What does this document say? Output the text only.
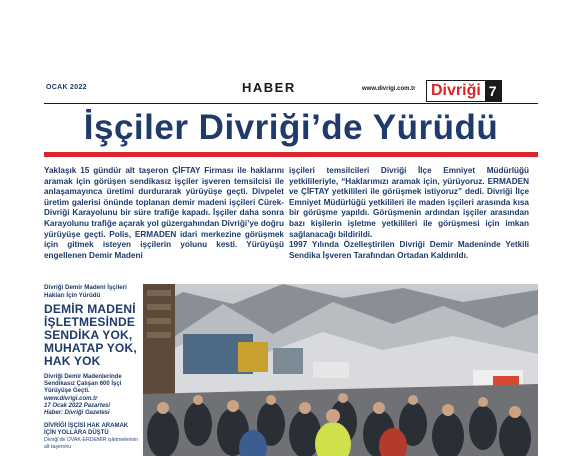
OCAK 2022	HABER	www.divrigi.com.tr Divriği 7
İşçiler Divriği’de Yürüdü

Yaklaşık 15 gündür alt taşeron ÇİFTAY Firması ile haklarını aramak için görüşen sendikasız işçiler işveren temsilcisi ile anlaşamayınca üretimi durdurarak yürüyüşe geçti. Divpelet üretim galerisi önünde toplanan demir madeni işçileri Cürek-Divriği Karayolunu bir süre trafiğe kapadı. İşçiler daha sonra Karayolunu trafiğe açarak yol güzergahından Divriği’ye doğru yürüyüşe geçti. Polis, ERMADEN idari merkezine görüşmek için gitmek isteyen işçilerin yolunu kesti. Yürüyüşü engellenen Demir Madeni

işçileri temsilcileri Divriği İlçe Emniyet Müdürlüğü yetkilileriyle, “Haklarımızı aramak için, yürüyoruz. ERMADEN ve ÇİFTAY yetkilileri ile görüşmek istiyoruz” dedi. Divriği İlçe Emniyet Müdürlüğü yetkilileri ile maden işçileri arasında kısa bir görüşme yapıldı. Görüşmenin ardından işçiler arasından bazı kişilerin işletme yetkilileri ile görüşmesi için imkan sağlanacağı bildirildi.

1997 Yılında Özelleştirilen Divriği Demir Madeninde Yetkili Sendika İşveren Tarafından Ortadan Kaldırıldı.

Divriği Demir Madeni İşçileri Hakları İçin Yürüdü

DEMİR MADENİ İŞLETMESİNDE SENDİKA YOK, MUHATAP YOK, HAK YOK

Divriği Demir Madenlerinde Sendikasız Çalışan 600 İşçi Yürüyüşe Geçti.

www.divrigi.com.tr

17 Ocak 2022 Pazartesi

Haber: Divriği Gazetesi

DİVRİĞİ İŞÇİSİ HAK ARAMAK İÇİN YOLLARA DÜŞTÜ

Divriği’de OVAK-ERDEMİR işletmelerinin alt taşeronu
